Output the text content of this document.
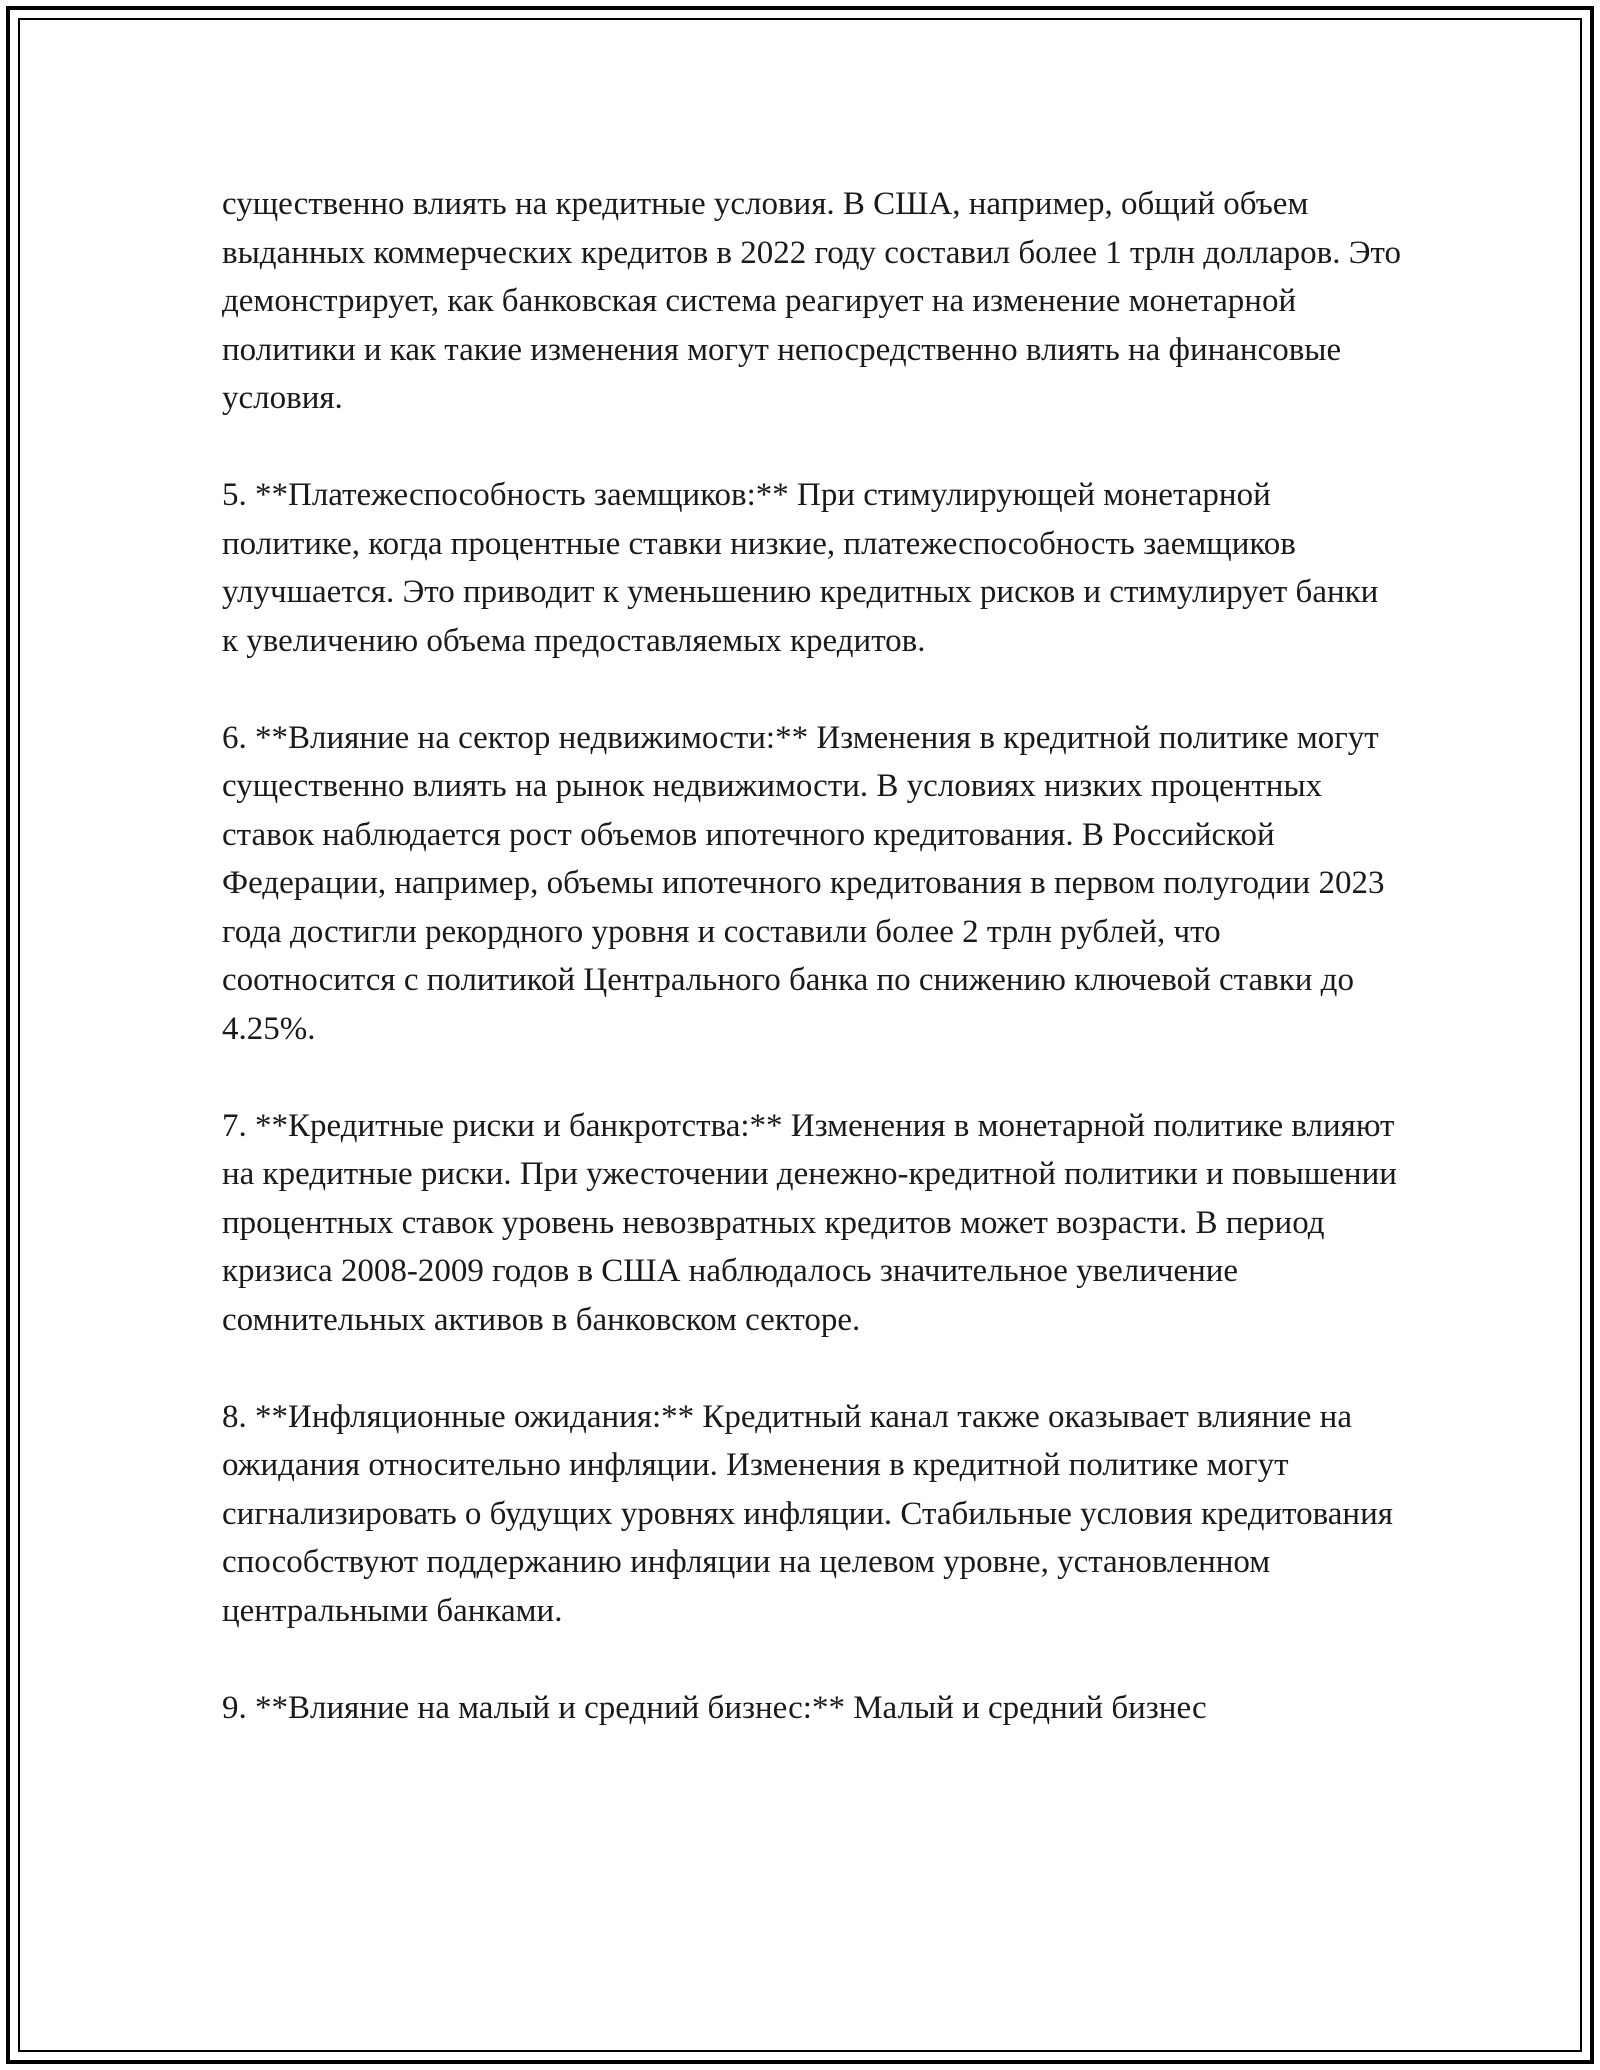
существенно влиять на кредитные условия. В США, например, общий объем выданных коммерческих кредитов в 2022 году составил более 1 трлн долларов. Это демонстрирует, как банковская система реагирует на изменение монетарной политики и как такие изменения могут непосредственно влиять на финансовые условия.

5. **Платежеспособность заемщиков:** При стимулирующей монетарной политике, когда процентные ставки низкие, платежеспособность заемщиков улучшается. Это приводит к уменьшению кредитных рисков и стимулирует банки к увеличению объема предоставляемых кредитов.

6. **Влияние на сектор недвижимости:** Изменения в кредитной политике могут существенно влиять на рынок недвижимости. В условиях низких процентных ставок наблюдается рост объемов ипотечного кредитования. В Российской Федерации, например, объемы ипотечного кредитования в первом полугодии 2023 года достигли рекордного уровня и составили более 2 трлн рублей, что соотносится с политикой Центрального банка по снижению ключевой ставки до 4.25%.

7. **Кредитные риски и банкротства:** Изменения в монетарной политике влияют на кредитные риски. При ужесточении денежно-кредитной политики и повышении процентных ставок уровень невозвратных кредитов может возрасти. В период кризиса 2008-2009 годов в США наблюдалось значительное увеличение сомнительных активов в банковском секторе.

8. **Инфляционные ожидания:** Кредитный канал также оказывает влияние на ожидания относительно инфляции. Изменения в кредитной политике могут сигнализировать о будущих уровнях инфляции. Стабильные условия кредитования способствуют поддержанию инфляции на целевом уровне, установленном центральными банками.

9. **Влияние на малый и средний бизнес:** Малый и средний бизнес
